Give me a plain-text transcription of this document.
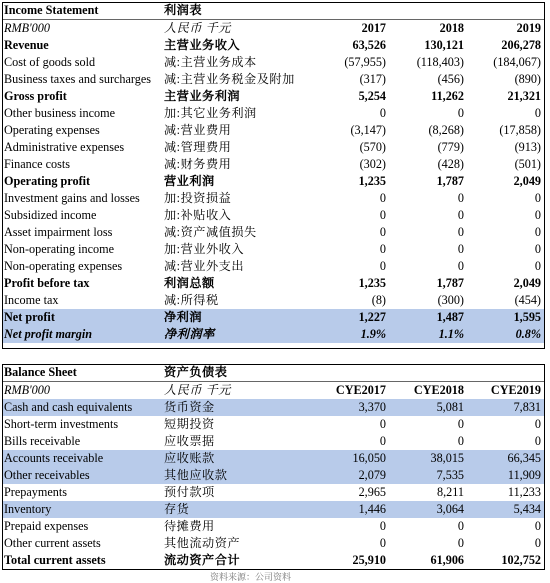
Income Statement	利润表			
RMB'000	人民币 千元	2017	2018	2019
Revenue	主营业务收入	63,526	130,121	206,278
Cost of goods sold	减:主营业务成本	(57,955)	(118,403)	(184,067)
Business taxes and surcharges	减:主营业务税金及附加	(317)	(456)	(890)
Gross profit	主营业务利润	5,254	11,262	21,321
Other business income	加:其它业务利润	0	0	0
Operating expenses	减:营业费用	(3,147)	(8,268)	(17,858)
Administrative expenses	减:管理费用	(570)	(779)	(913)
Finance costs	减:财务费用	(302)	(428)	(501)
Operating profit	营业利润	1,235	1,787	2,049
Investment gains and losses	加:投资损益	0	0	0
Subsidized income	加:补贴收入	0	0	0
Asset impairment loss	减:资产减值损失	0	0	0
Non-operating income	加:营业外收入	0	0	0
Non-operating expenses	减:营业外支出	0	0	0
Profit before tax	利润总额	1,235	1,787	2,049
Income tax	减:所得税	(8)	(300)	(454)
Net profit	净利润	1,227	1,487	1,595
Net profit margin	净利润率	1.9%	1.1%	0.8%
Balance Sheet	资产负债表			
RMB'000	人民币 千元	CYE2017	CYE2018	CYE2019
Cash and cash equivalents	货币资金	3,370	5,081	7,831
Short-term investments	短期投资	0	0	0
Bills receivable	应收票据	0	0	0
Accounts receivable	应收账款	16,050	38,015	66,345
Other receivables	其他应收款	2,079	7,535	11,909
Prepayments	预付款项	2,965	8,211	11,233
Inventory	存货	1,446	3,064	5,434
Prepaid expenses	待摊费用	0	0	0
Other current assets	其他流动资产	0	0	0
Total current assets	流动资产合计	25,910	61,906	102,752
资料来源：公司资料
